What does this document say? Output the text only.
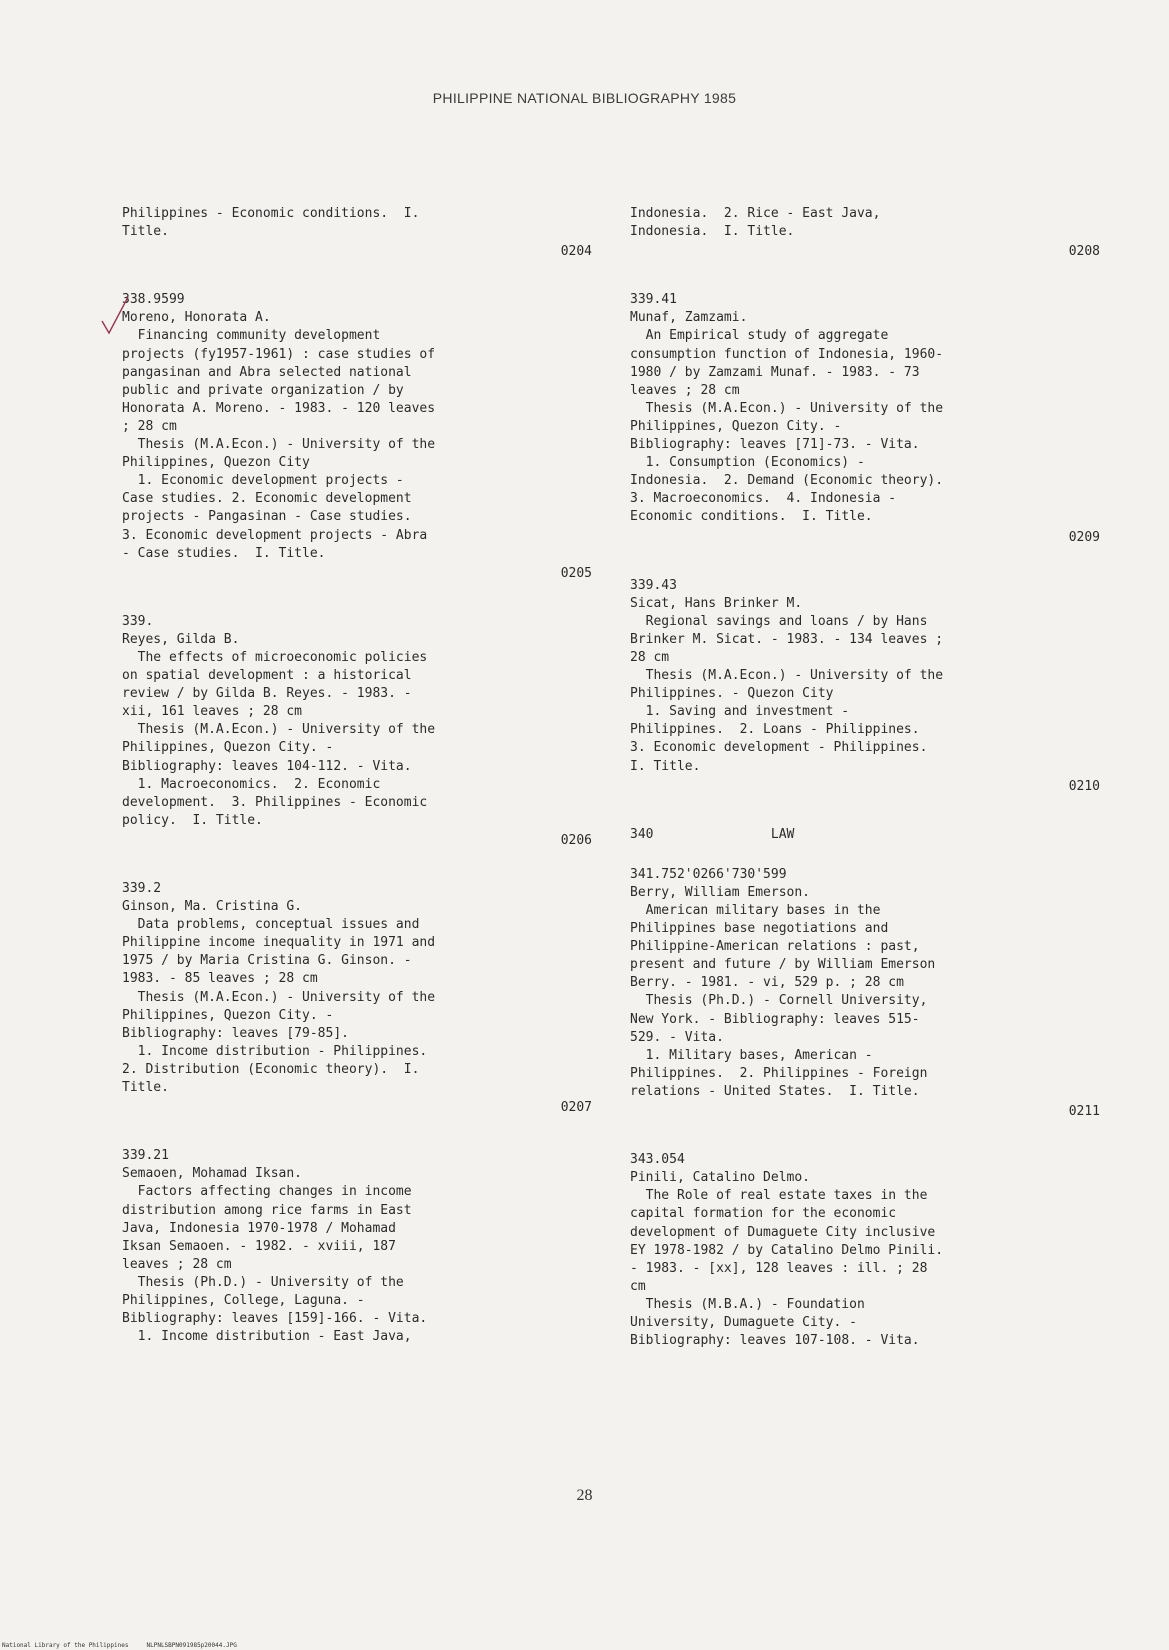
PHILIPPINE NATIONAL BIBLIOGRAPHY 1985
Philippines - Economic conditions.  I.
Title.
0204
338.9599
Moreno, Honorata A.
Financing community development
projects (fy1957-1961) : case studies of
pangasinan and Abra selected national
public and private organization / by
Honorata A. Moreno. - 1983. - 120 leaves
; 28 cm
Thesis (M.A.Econ.) - University of the
Philippines, Quezon City
1. Economic development projects -
Case studies. 2. Economic development
projects - Pangasinan - Case studies.
3. Economic development projects - Abra
- Case studies.  I. Title.
0205
339.
Reyes, Gilda B.
The effects of microeconomic policies
on spatial development : a historical
review / by Gilda B. Reyes. - 1983. -
xii, 161 leaves ; 28 cm
Thesis (M.A.Econ.) - University of the
Philippines, Quezon City. -
Bibliography: leaves 104-112. - Vita.
1. Macroeconomics.  2. Economic
development.  3. Philippines - Economic
policy.  I. Title.
0206
339.2
Ginson, Ma. Cristina G.
Data problems, conceptual issues and
Philippine income inequality in 1971 and
1975 / by Maria Cristina G. Ginson. -
1983. - 85 leaves ; 28 cm
Thesis (M.A.Econ.) - University of the
Philippines, Quezon City. -
Bibliography: leaves [79-85].
1. Income distribution - Philippines.
2. Distribution (Economic theory).  I.
Title.
0207
339.21
Semaoen, Mohamad Iksan.
Factors affecting changes in income
distribution among rice farms in East
Java, Indonesia 1970-1978 / Mohamad
Iksan Semaoen. - 1982. - xviii, 187
leaves ; 28 cm
Thesis (Ph.D.) - University of the
Philippines, College, Laguna. -
Bibliography: leaves [159]-166. - Vita.
1. Income distribution - East Java,
Indonesia.  2. Rice - East Java,
Indonesia.  I. Title.
0208
339.41
Munaf, Zamzami.
An Empirical study of aggregate
consumption function of Indonesia, 1960-
1980 / by Zamzami Munaf. - 1983. - 73
leaves ; 28 cm
Thesis (M.A.Econ.) - University of the
Philippines, Quezon City. -
Bibliography: leaves [71]-73. - Vita.
1. Consumption (Economics) -
Indonesia.  2. Demand (Economic theory).
3. Macroeconomics.  4. Indonesia -
Economic conditions.  I. Title.
0209
339.43
Sicat, Hans Brinker M.
Regional savings and loans / by Hans
Brinker M. Sicat. - 1983. - 134 leaves ;
28 cm
Thesis (M.A.Econ.) - University of the
Philippines. - Quezon City
1. Saving and investment -
Philippines.  2. Loans - Philippines.
3. Economic development - Philippines.
I. Title.
0210
340	LAW
341.752'0266'730'599
Berry, William Emerson.
American military bases in the
Philippines base negotiations and
Philippine-American relations : past,
present and future / by William Emerson
Berry. - 1981. - vi, 529 p. ; 28 cm
Thesis (Ph.D.) - Cornell University,
New York. - Bibliography: leaves 515-
529. - Vita.
1. Military bases, American -
Philippines.  2. Philippines - Foreign
relations - United States.  I. Title.
0211
343.054
Pinili, Catalino Delmo.
The Role of real estate taxes in the
capital formation for the economic
development of Dumaguete City inclusive
EY 1978-1982 / by Catalino Delmo Pinili.
- 1983. - [xx], 128 leaves : ill. ; 28
cm
Thesis (M.B.A.) - Foundation
University, Dumaguete City. -
Bibliography: leaves 107-108. - Vita.
28
National Library of the Philippines     NLPNLSBPN091985p20044.JPG
